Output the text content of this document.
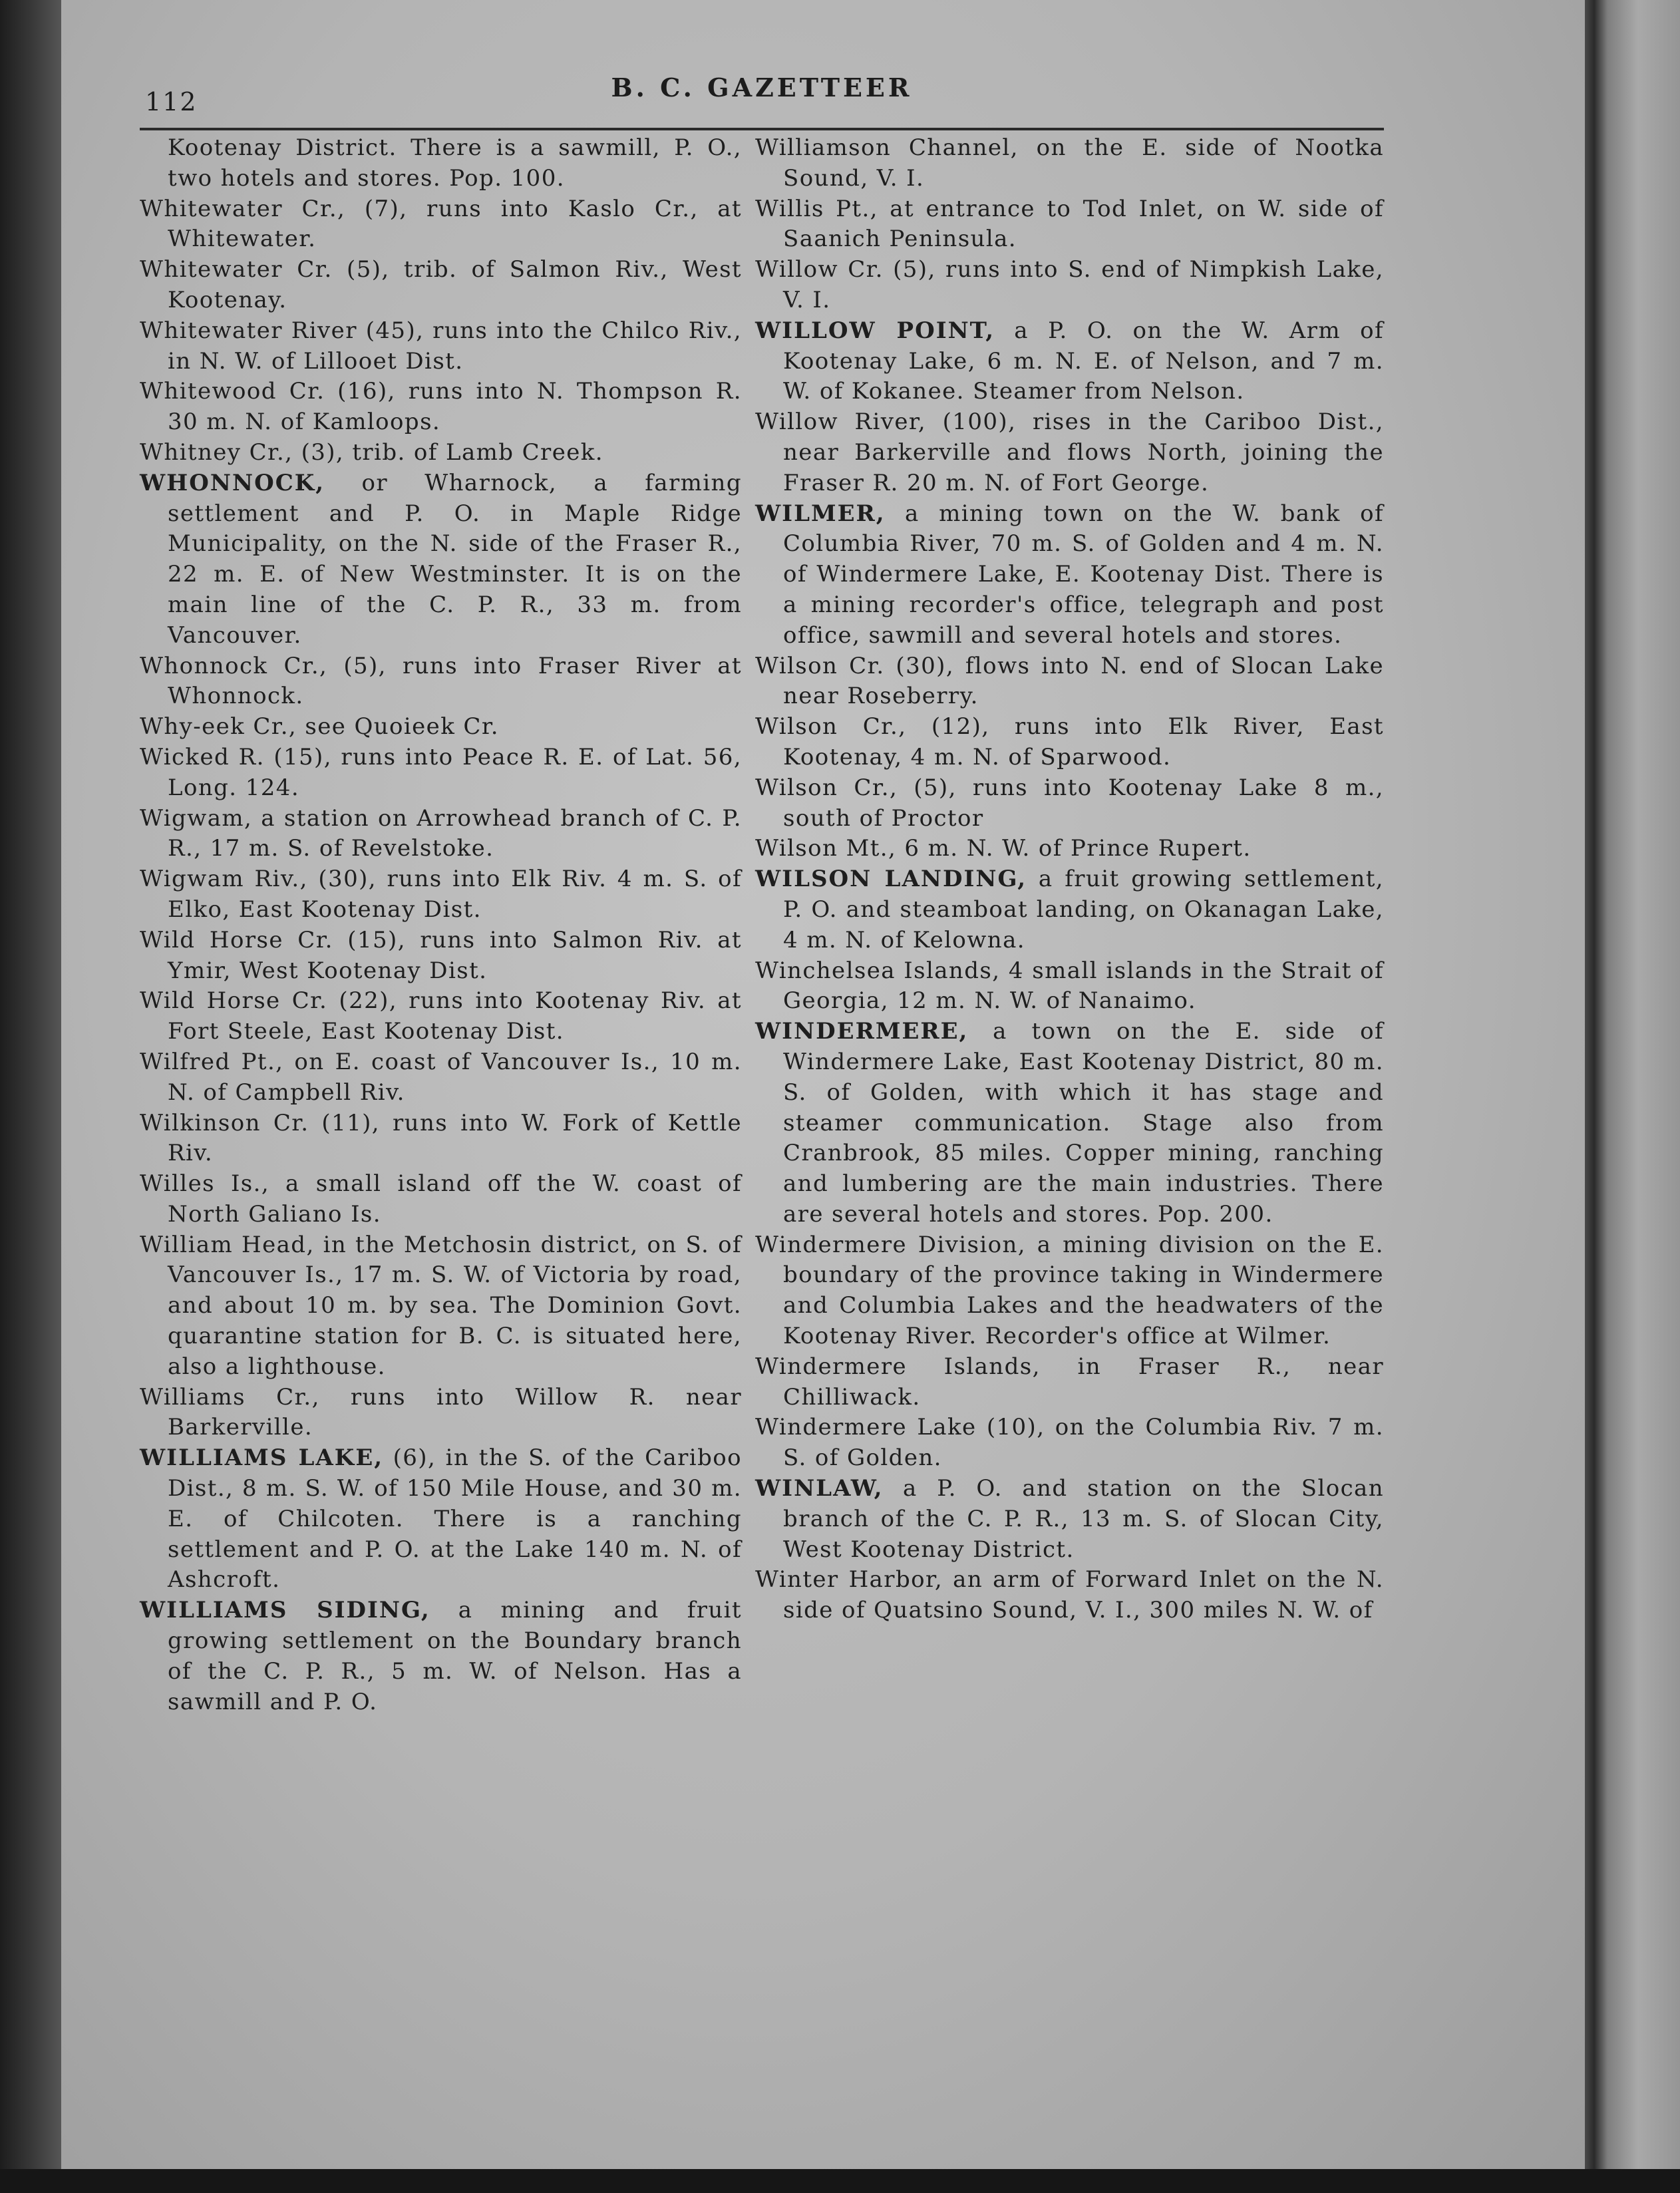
112	B. C. GAZETTEER

Kootenay District. There is a sawmill, P. O., two hotels and stores. Pop. 100.

Whitewater Cr., (7), runs into Kaslo Cr., at Whitewater.

Whitewater Cr. (5), trib. of Salmon Riv., West Kootenay.

Whitewater River (45), runs into the Chilco Riv., in N. W. of Lillooet Dist.

Whitewood Cr. (16), runs into N. Thompson R. 30 m. N. of Kamloops.

Whitney Cr., (3), trib. of Lamb Creek.

WHONNOCK, or Wharnock, a farming settlement and P. O. in Maple Ridge Municipality, on the N. side of the Fraser R., 22 m. E. of New Westminster. It is on the main line of the C. P. R., 33 m. from Vancouver.

Whonnock Cr., (5), runs into Fraser River at Whonnock.

Why-eek Cr., see Quoieek Cr.

Wicked R. (15), runs into Peace R. E. of Lat. 56, Long. 124.

Wigwam, a station on Arrowhead branch of C. P. R., 17 m. S. of Revelstoke.

Wigwam Riv., (30), runs into Elk Riv. 4 m. S. of Elko, East Kootenay Dist.

Wild Horse Cr. (15), runs into Salmon Riv. at Ymir, West Kootenay Dist.

Wild Horse Cr. (22), runs into Kootenay Riv. at Fort Steele, East Kootenay Dist.

Wilfred Pt., on E. coast of Vancouver Is., 10 m. N. of Campbell Riv.

Wilkinson Cr. (11), runs into W. Fork of Kettle Riv.

Willes Is., a small island off the W. coast of North Galiano Is.

William Head, in the Metchosin district, on S. of Vancouver Is., 17 m. S. W. of Victoria by road, and about 10 m. by sea. The Dominion Govt. quarantine station for B. C. is situated here, also a lighthouse.

Williams Cr., runs into Willow R. near Barkerville.

WILLIAMS LAKE, (6), in the S. of the Cariboo Dist., 8 m. S. W. of 150 Mile House, and 30 m. E. of Chilcoten. There is a ranching settlement and P. O. at the Lake 140 m. N. of Ashcroft.

WILLIAMS SIDING, a mining and fruit growing settlement on the Boundary branch of the C. P. R., 5 m. W. of Nelson. Has a sawmill and P. O.

Williamson Channel, on the E. side of Nootka Sound, V. I.

Willis Pt., at entrance to Tod Inlet, on W. side of Saanich Peninsula.

Willow Cr. (5), runs into S. end of Nimpkish Lake, V. I.

WILLOW POINT, a P. O. on the W. Arm of Kootenay Lake, 6 m. N. E. of Nelson, and 7 m. W. of Kokanee. Steamer from Nelson.

Willow River, (100), rises in the Cariboo Dist., near Barkerville and flows North, joining the Fraser R. 20 m. N. of Fort George.

WILMER, a mining town on the W. bank of Columbia River, 70 m. S. of Golden and 4 m. N. of Windermere Lake, E. Kootenay Dist. There is a mining recorder's office, telegraph and post office, sawmill and several hotels and stores.

Wilson Cr. (30), flows into N. end of Slocan Lake near Roseberry.

Wilson Cr., (12), runs into Elk River, East Kootenay, 4 m. N. of Sparwood.

Wilson Cr., (5), runs into Kootenay Lake 8 m., south of Proctor

Wilson Mt., 6 m. N. W. of Prince Rupert.

WILSON LANDING, a fruit growing settlement, P. O. and steamboat landing, on Okanagan Lake, 4 m. N. of Kelowna.

Winchelsea Islands, 4 small islands in the Strait of Georgia, 12 m. N. W. of Nanaimo.

WINDERMERE, a town on the E. side of Windermere Lake, East Kootenay District, 80 m. S. of Golden, with which it has stage and steamer communication. Stage also from Cranbrook, 85 miles. Copper mining, ranching and lumbering are the main industries. There are several hotels and stores. Pop. 200.

Windermere Division, a mining division on the E. boundary of the province taking in Windermere and Columbia Lakes and the headwaters of the Kootenay River. Recorder's office at Wilmer.

Windermere Islands, in Fraser R., near Chilliwack.

Windermere Lake (10), on the Columbia Riv. 7 m. S. of Golden.

WINLAW, a P. O. and station on the Slocan branch of the C. P. R., 13 m. S. of Slocan City, West Kootenay District.

Winter Harbor, an arm of Forward Inlet on the N. side of Quatsino Sound, V. I., 300 miles N. W. of
